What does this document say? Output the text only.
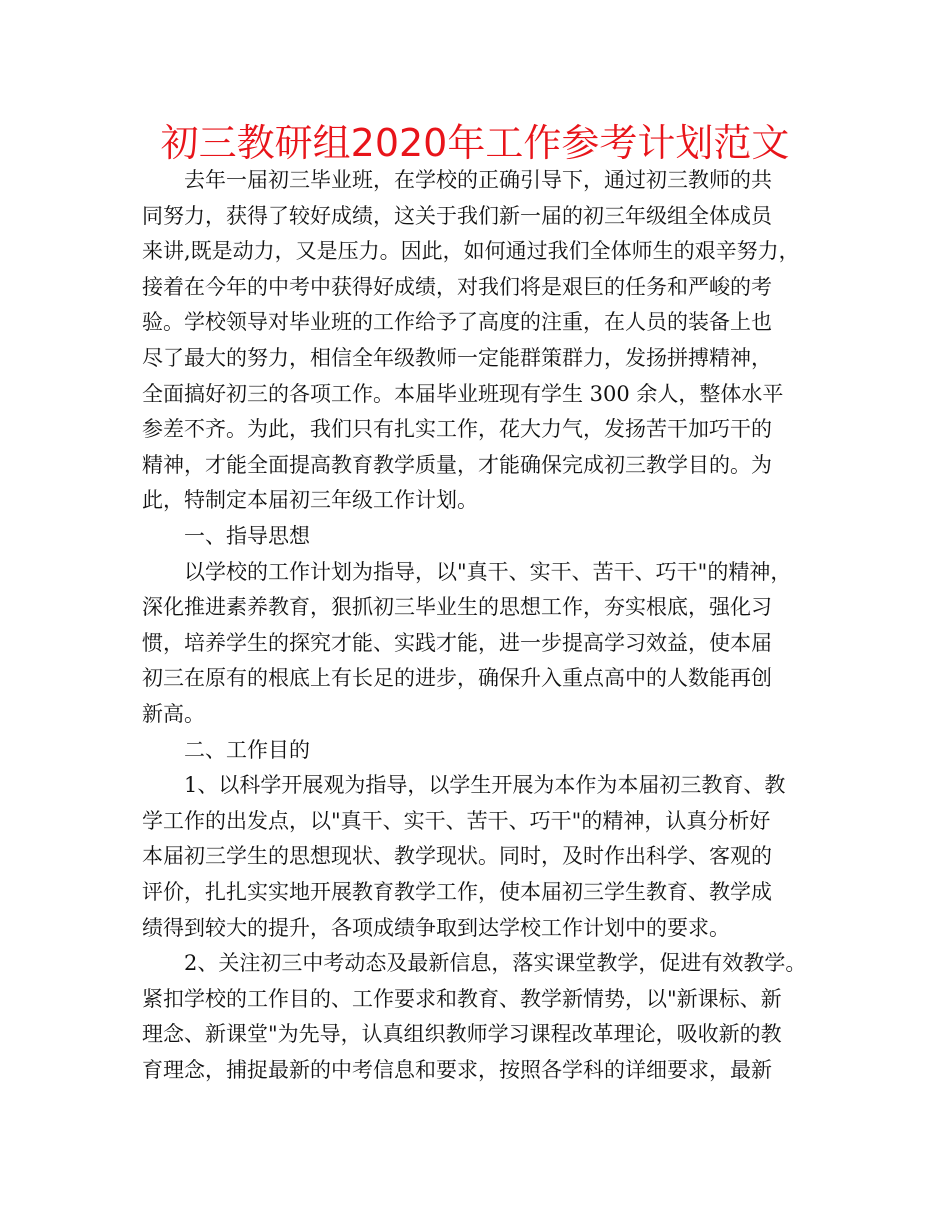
初三教研组2020年工作参考计划范文

　　去年一届初三毕业班，在学校的正确引导下，通过初三教师的共

同努力，获得了较好成绩，这关于我们新一届的初三年级组全体成员

来讲,既是动力，又是压力。因此，如何通过我们全体师生的艰辛努力，

接着在今年的中考中获得好成绩，对我们将是艰巨的任务和严峻的考

验。学校领导对毕业班的工作给予了高度的注重，在人员的装备上也

尽了最大的努力，相信全年级教师一定能群策群力，发扬拼搏精神，

全面搞好初三的各项工作。本届毕业班现有学生 300 余人，整体水平

参差不齐。为此，我们只有扎实工作，花大力气，发扬苦干加巧干的

精神，才能全面提高教育教学质量，才能确保完成初三教学目的。为

此，特制定本届初三年级工作计划。

　　一、指导思想

　　以学校的工作计划为指导，以"真干、实干、苦干、巧干"的精神，

深化推进素养教育，狠抓初三毕业生的思想工作，夯实根底，强化习

惯，培养学生的探究才能、实践才能，进一步提高学习效益，使本届

初三在原有的根底上有长足的进步，确保升入重点高中的人数能再创

新高。

　　二、工作目的

　　1、以科学开展观为指导，以学生开展为本作为本届初三教育、教

学工作的出发点，以"真干、实干、苦干、巧干"的精神，认真分析好

本届初三学生的思想现状、教学现状。同时，及时作出科学、客观的

评价，扎扎实实地开展教育教学工作，使本届初三学生教育、教学成

绩得到较大的提升，各项成绩争取到达学校工作计划中的要求。

　　2、关注初三中考动态及最新信息，落实课堂教学，促进有效教学。

紧扣学校的工作目的、工作要求和教育、教学新情势，以"新课标、新

理念、新课堂"为先导，认真组织教师学习课程改革理论，吸收新的教

育理念，捕捉最新的中考信息和要求，按照各学科的详细要求，最新
